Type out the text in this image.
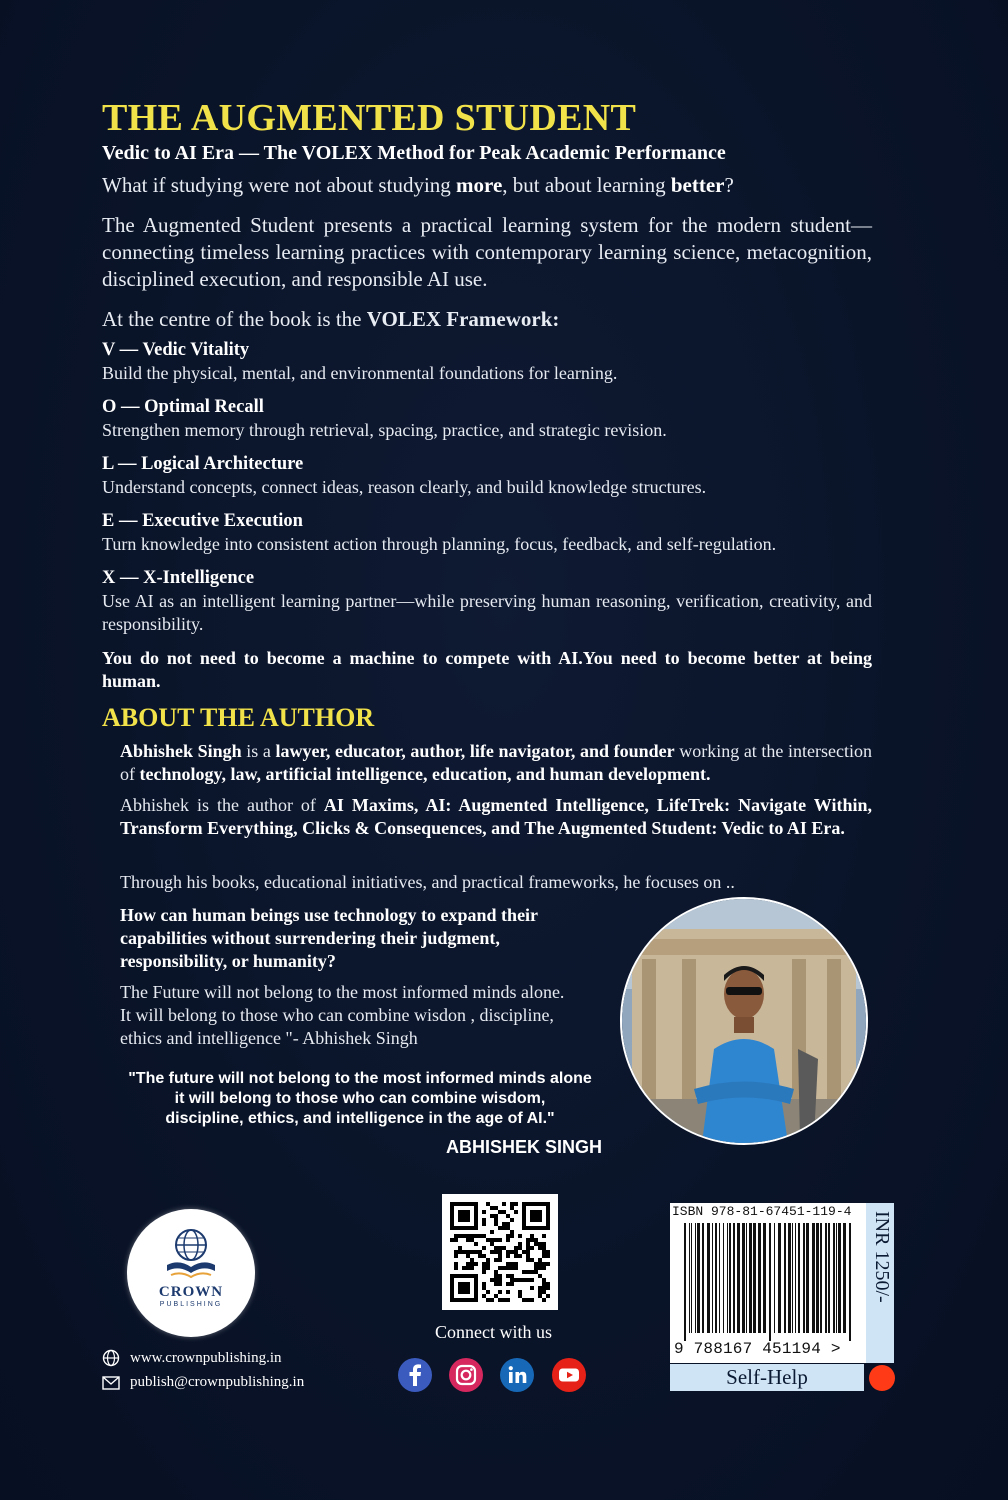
THE AUGMENTED STUDENT
Vedic to AI Era — The VOLEX Method for Peak Academic Performance
What if studying were not about studying more, but about learning better?
The Augmented Student presents a practical learning system for the modern student—connecting timeless learning practices with contemporary learning science, metacognition, disciplined execution, and responsible AI use.
At the centre of the book is the VOLEX Framework:
V — Vedic Vitality
Build the physical, mental, and environmental foundations for learning.
O — Optimal Recall
Strengthen memory through retrieval, spacing, practice, and strategic revision.
L — Logical Architecture
Understand concepts, connect ideas, reason clearly, and build knowledge structures.
E — Executive Execution
Turn knowledge into consistent action through planning, focus, feedback, and self-regulation.
X — X-Intelligence
Use AI as an intelligent learning partner—while preserving human reasoning, verification, creativity, and responsibility.
You do not need to become a machine to compete with AI.You need to become better at being human.
ABOUT THE AUTHOR
Abhishek Singh is a lawyer, educator, author, life navigator, and founder working at the intersection of technology, law, artificial intelligence, education, and human development.
Abhishek is the author of AI Maxims, AI: Augmented Intelligence, LifeTrek: Navigate Within, Transform Everything, Clicks & Consequences, and The Augmented Student: Vedic to AI Era.
Through his books, educational initiatives, and practical frameworks, he focuses on ..
How can human beings use technology to expand their capabilities without surrendering their judgment, responsibility, or humanity?
The Future will not belong to the most informed minds alone.
It will belong to those who can combine wisdon , discipline,
ethics and intelligence "- Abhishek Singh
"The future will not belong to the most informed minds alone
it will belong to those who can combine wisdom,
discipline, ethics, and intelligence in the age of AI."
ABHISHEK SINGH
CROWN
PUBLISHING
www.crownpublishing.in
publish@crownpublishing.in
Connect with us
ISBN 978-81-67451-119-4
9 788167 451194 >
INR 1250/-
Self-Help
